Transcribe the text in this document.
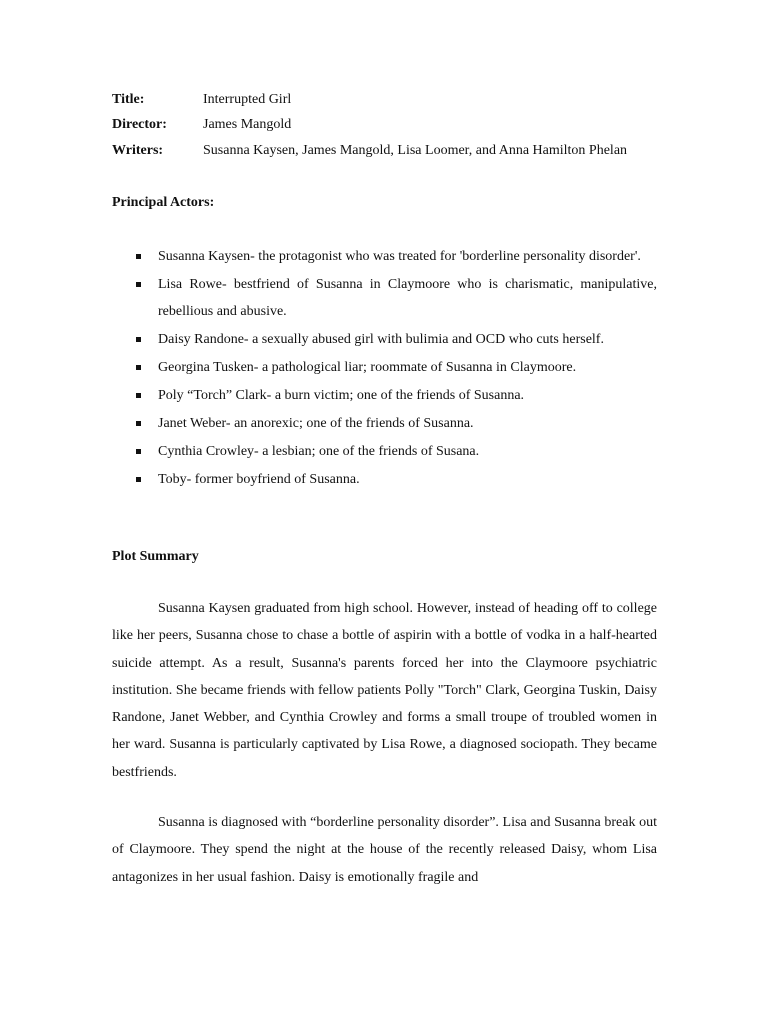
Title:	Interrupted Girl
Director:	James Mangold
Writers:	Susanna Kaysen, James Mangold, Lisa Loomer, and Anna Hamilton Phelan
Principal Actors:
Susanna Kaysen- the protagonist who was treated for 'borderline personality disorder'.
Lisa Rowe- bestfriend of Susanna in Claymoore who is charismatic, manipulative, rebellious and abusive.
Daisy Randone- a sexually abused girl with bulimia and OCD who cuts herself.
Georgina Tusken- a pathological liar; roommate of Susanna in Claymoore.
Poly “Torch” Clark- a burn victim; one of the friends of Susanna.
Janet Weber- an anorexic; one of the friends of Susanna.
Cynthia Crowley- a lesbian; one of the friends of Susana.
Toby- former boyfriend of Susanna.
Plot Summary

Susanna Kaysen graduated from high school. However, instead of heading off to college like her peers, Susanna chose to chase a bottle of aspirin with a bottle of vodka in a half-hearted suicide attempt. As a result, Susanna's parents forced her into the Claymoore psychiatric institution. She became friends with fellow patients Polly "Torch" Clark, Georgina Tuskin, Daisy Randone, Janet Webber, and Cynthia Crowley and forms a small troupe of troubled women in her ward. Susanna is particularly captivated by Lisa Rowe, a diagnosed sociopath. They became bestfriends.

Susanna is diagnosed with “borderline personality disorder”. Lisa and Susanna break out of Claymoore. They spend the night at the house of the recently released Daisy, whom Lisa antagonizes in her usual fashion. Daisy is emotionally fragile and
